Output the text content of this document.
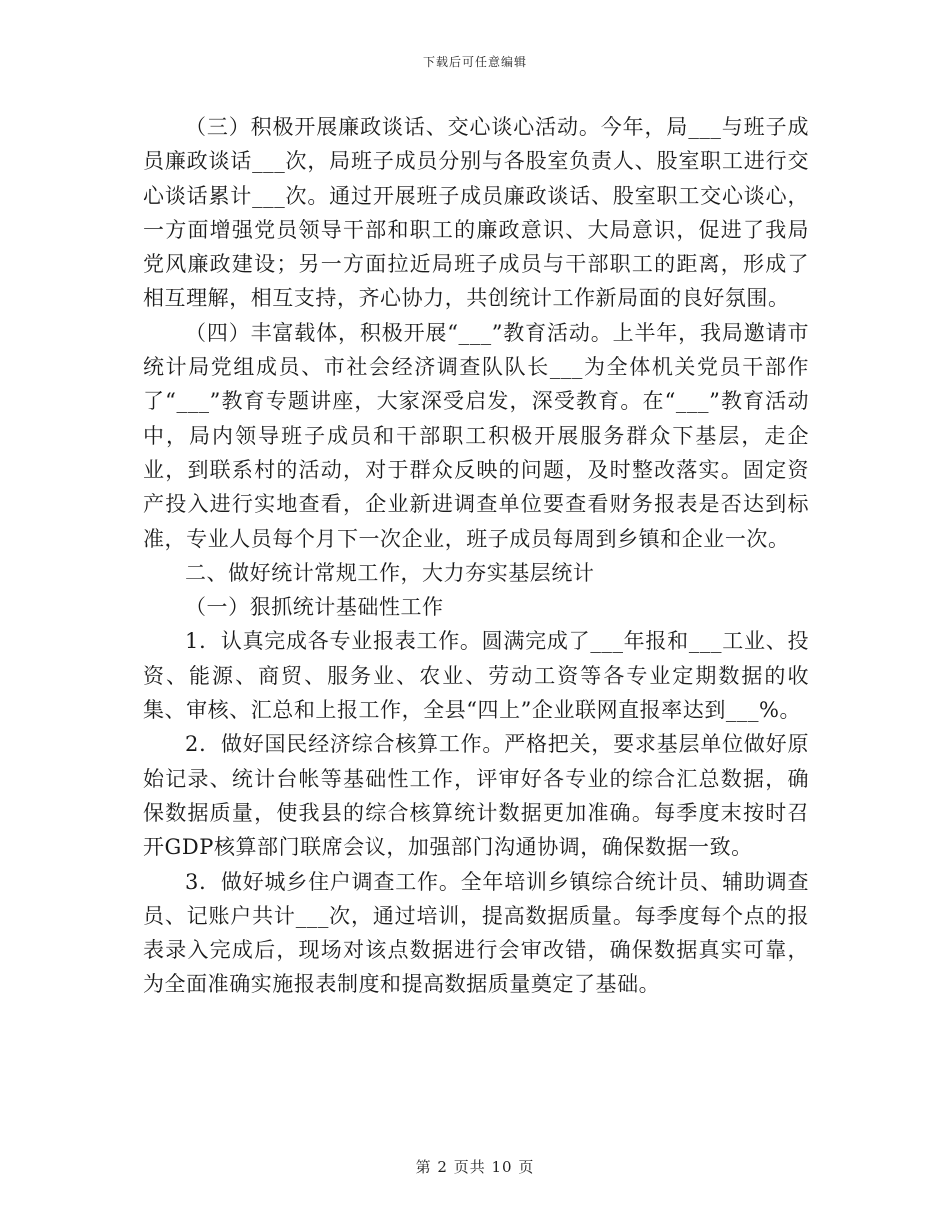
下载后可任意编辑

（三）积极开展廉政谈话、交心谈心活动。今年，局___与班子成员廉政谈话___次，局班子成员分别与各股室负责人、股室职工进行交心谈话累计___次。通过开展班子成员廉政谈话、股室职工交心谈心，一方面增强党员领导干部和职工的廉政意识、大局意识，促进了我局党风廉政建设；另一方面拉近局班子成员与干部职工的距离，形成了相互理解，相互支持，齐心协力，共创统计工作新局面的良好氛围。

（四）丰富载体，积极开展“___”教育活动。上半年，我局邀请市统计局党组成员、市社会经济调查队队长___为全体机关党员干部作了“___”教育专题讲座，大家深受启发，深受教育。在“___”教育活动中，局内领导班子成员和干部职工积极开展服务群众下基层，走企业，到联系村的活动，对于群众反映的问题，及时整改落实。固定资产投入进行实地查看，企业新进调查单位要查看财务报表是否达到标准，专业人员每个月下一次企业，班子成员每周到乡镇和企业一次。

二、做好统计常规工作，大力夯实基层统计

（一）狠抓统计基础性工作

1．认真完成各专业报表工作。圆满完成了___年报和___工业、投资、能源、商贸、服务业、农业、劳动工资等各专业定期数据的收集、审核、汇总和上报工作，全县“四上”企业联网直报率达到___%。

2．做好国民经济综合核算工作。严格把关，要求基层单位做好原始记录、统计台帐等基础性工作，评审好各专业的综合汇总数据，确保数据质量，使我县的综合核算统计数据更加准确。每季度末按时召开GDP核算部门联席会议，加强部门沟通协调，确保数据一致。

3．做好城乡住户调查工作。全年培训乡镇综合统计员、辅助调查员、记账户共计___次，通过培训，提高数据质量。每季度每个点的报表录入完成后，现场对该点数据进行会审改错，确保数据真实可靠，为全面准确实施报表制度和提高数据质量奠定了基础。

第 2 页共 10 页
